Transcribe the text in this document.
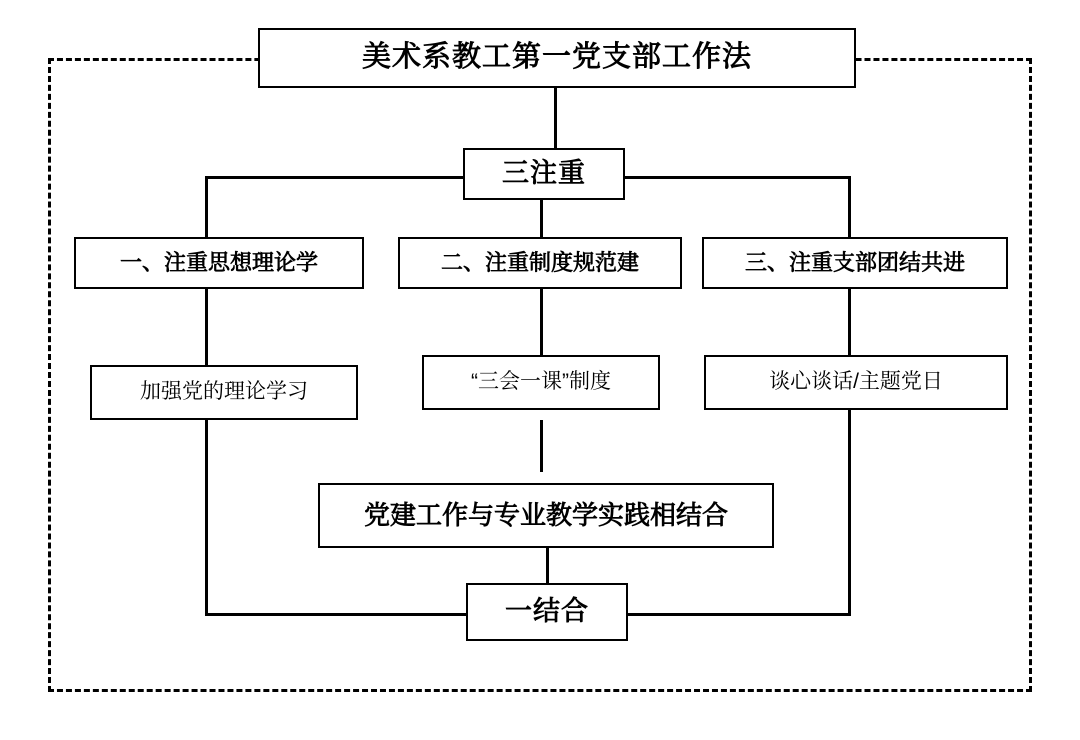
美术系教工第一党支部工作法
三注重
一、注重思想理论学	二、注重制度规范建	三、注重支部团结共进
加强党的理论学习	“三会一课”制度	谈心谈话/主题党日
党建工作与专业教学实践相结合
一结合
